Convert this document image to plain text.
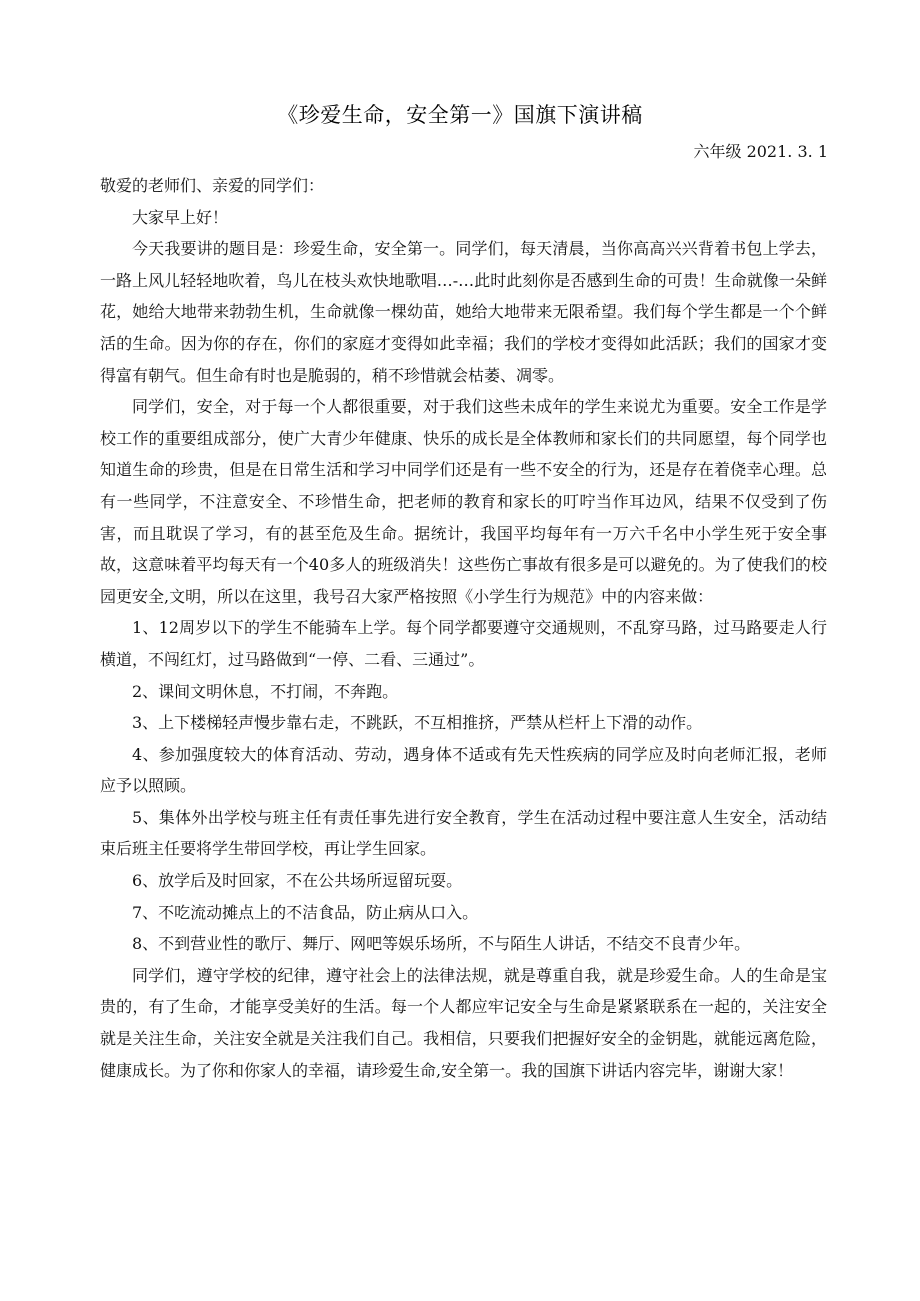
《珍爱生命，安全第一》国旗下演讲稿
六年级 2021. 3. 1

敬爱的老师们、亲爱的同学们：

大家早上好！

今天我要讲的题目是：珍爱生命，安全第一。同学们，每天清晨，当你高高兴兴背着书包上学去，一路上风儿轻轻地吹着，鸟儿在枝头欢快地歌唱…-…此时此刻你是否感到生命的可贵！生命就像一朵鲜花，她给大地带来勃勃生机，生命就像一棵幼苗，她给大地带来无限希望。我们每个学生都是一个个鲜活的生命。因为你的存在，你们的家庭才变得如此幸福；我们的学校才变得如此活跃；我们的国家才变得富有朝气。但生命有时也是脆弱的，稍不珍惜就会枯萎、凋零。

同学们，安全，对于每一个人都很重要，对于我们这些未成年的学生来说尤为重要。安全工作是学校工作的重要组成部分，使广大青少年健康、快乐的成长是全体教师和家长们的共同愿望，每个同学也知道生命的珍贵，但是在日常生活和学习中同学们还是有一些不安全的行为，还是存在着侥幸心理。总有一些同学，不注意安全、不珍惜生命，把老师的教育和家长的叮咛当作耳边风，结果不仅受到了伤害，而且耽误了学习，有的甚至危及生命。据统计，我国平均每年有一万六千名中小学生死于安全事故，这意味着平均每天有一个40多人的班级消失！这些伤亡事故有很多是可以避免的。为了使我们的校园更安全,文明，所以在这里，我号召大家严格按照《小学生行为规范》中的内容来做：

1、12周岁以下的学生不能骑车上学。每个同学都要遵守交通规则，不乱穿马路，过马路要走人行横道，不闯红灯，过马路做到“一停、二看、三通过”。

2、课间文明休息，不打闹，不奔跑。

3、上下楼梯轻声慢步靠右走，不跳跃，不互相推挤，严禁从栏杆上下滑的动作。

4、参加强度较大的体育活动、劳动，遇身体不适或有先天性疾病的同学应及时向老师汇报，老师应予以照顾。

5、集体外出学校与班主任有责任事先进行安全教育，学生在活动过程中要注意人生安全，活动结束后班主任要将学生带回学校，再让学生回家。

6、放学后及时回家，不在公共场所逗留玩耍。

7、不吃流动摊点上的不洁食品，防止病从口入。

8、不到营业性的歌厅、舞厅、网吧等娱乐场所，不与陌生人讲话，不结交不良青少年。

同学们，遵守学校的纪律，遵守社会上的法律法规，就是尊重自我，就是珍爱生命。人的生命是宝贵的，有了生命，才能享受美好的生活。每一个人都应牢记安全与生命是紧紧联系在一起的，关注安全就是关注生命，关注安全就是关注我们自己。我相信，只要我们把握好安全的金钥匙，就能远离危险，健康成长。为了你和你家人的幸福，请珍爱生命,安全第一。我的国旗下讲话内容完毕，谢谢大家！
